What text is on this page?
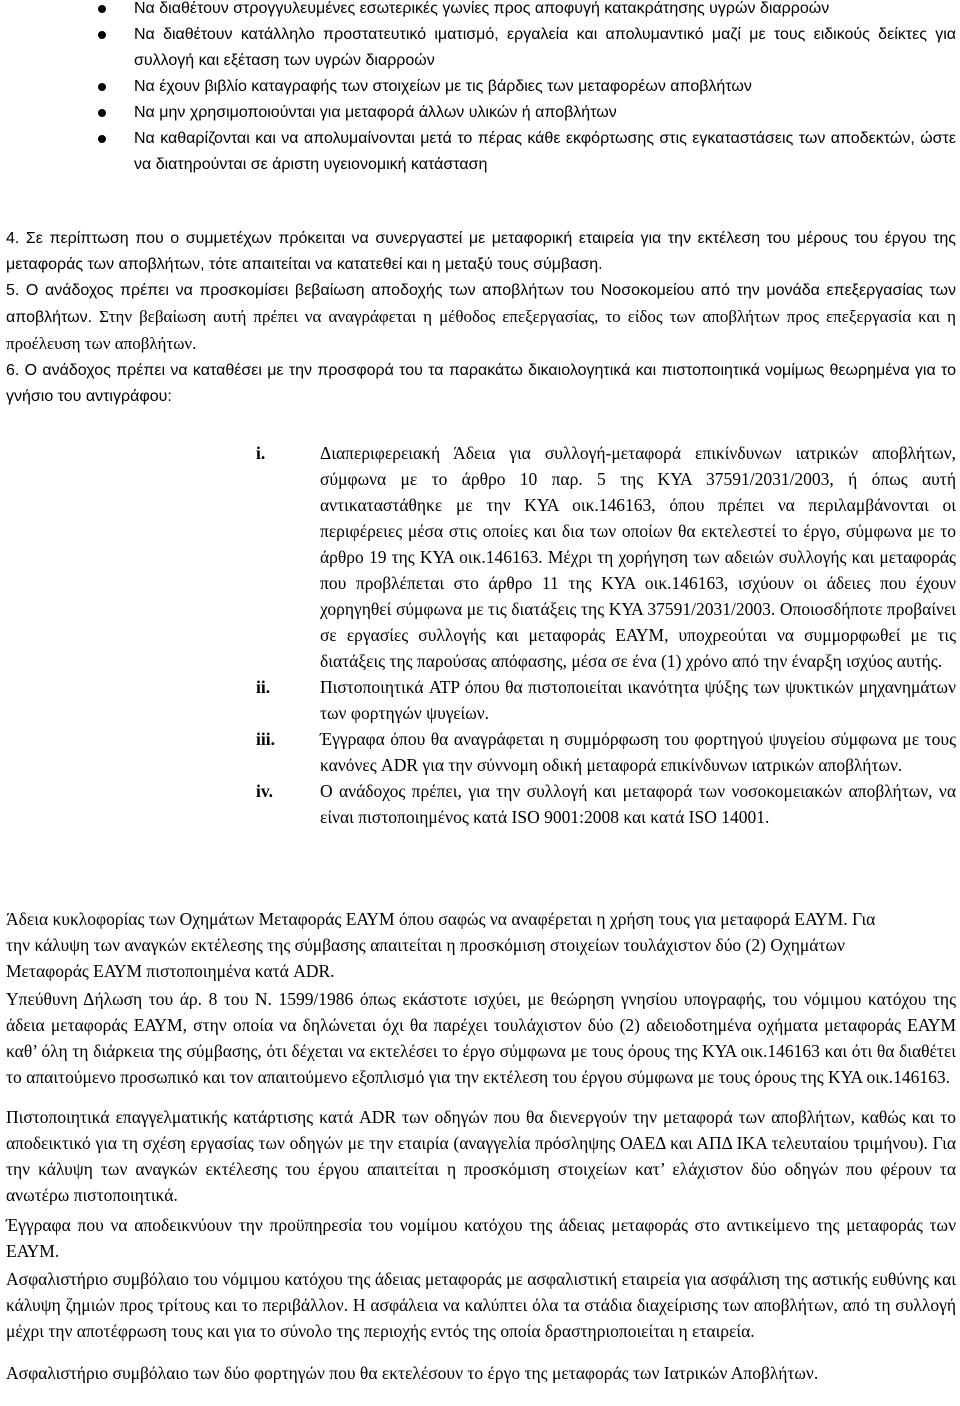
Να διαθέτουν στρογγυλευμένες εσωτερικές γωνίες προς αποφυγή κατακράτησης υγρών διαρροών
Να διαθέτουν κατάλληλο προστατευτικό ιματισμό, εργαλεία και απολυμαντικό μαζί με τους ειδικούς δείκτες για συλλογή και εξέταση των υγρών διαρροών
Να έχουν βιβλίο καταγραφής των στοιχείων με τις βάρδιες των μεταφορέων αποβλήτων
Να μην χρησιμοποιούνται για μεταφορά άλλων υλικών ή αποβλήτων
Να καθαρίζονται και να απολυμαίνονται μετά το πέρας κάθε εκφόρτωσης στις εγκαταστάσεις των αποδεκτών, ώστε να διατηρούνται σε άριστη υγειονομική κατάσταση

4. Σε περίπτωση που ο συμμετέχων πρόκειται να συνεργαστεί με μεταφορική εταιρεία για την εκτέλεση του μέρους του έργου της μεταφοράς των αποβλήτων, τότε απαιτείται να κατατεθεί και η μεταξύ τους σύμβαση.

5. Ο ανάδοχος πρέπει να προσκομίσει βεβαίωση αποδοχής των αποβλήτων του Νοσοκομείου από την μονάδα επεξεργασίας των αποβλήτων. Στην βεβαίωση αυτή πρέπει να αναγράφεται η μέθοδος επεξεργασίας, το είδος των αποβλήτων προς επεξεργασία και η προέλευση των αποβλήτων.

6. Ο ανάδοχος πρέπει να καταθέσει με την προσφορά του τα παρακάτω δικαιολογητικά και πιστοποιητικά νομίμως θεωρημένα για το γνήσιο του αντιγράφου:

i.	Διαπεριφερειακή Άδεια για συλλογή-μεταφορά επικίνδυνων ιατρικών αποβλήτων, σύμφωνα με το άρθρο 10 παρ. 5 της ΚΥΑ 37591/2031/2003, ή όπως αυτή αντικαταστάθηκε με την ΚΥΑ οικ.146163, όπου πρέπει να περιλαμβάνονται οι περιφέρειες μέσα στις οποίες και δια των οποίων θα εκτελεστεί το έργο, σύμφωνα με το άρθρο 19 της ΚΥΑ οικ.146163. Μέχρι τη χορήγηση των αδειών συλλογής και μεταφοράς που προβλέπεται στο άρθρο 11 της ΚΥΑ οικ.146163, ισχύουν οι άδειες που έχουν χορηγηθεί σύμφωνα με τις διατάξεις της ΚΥΑ 37591/2031/2003. Οποιοσδήποτε προβαίνει σε εργασίες συλλογής και μεταφοράς ΕΑΥΜ, υποχρεούται να συμμορφωθεί με τις διατάξεις της παρούσας απόφασης, μέσα σε ένα (1) χρόνο από την έναρξη ισχύος αυτής.
ii.	Πιστοποιητικά ATP όπου θα πιστοποιείται ικανότητα ψύξης των ψυκτικών μηχανημάτων των φορτηγών ψυγείων.
iii.	Έγγραφα όπου θα αναγράφεται η συμμόρφωση του φορτηγού ψυγείου σύμφωνα με τους κανόνες ADR για την σύννομη οδική μεταφορά επικίνδυνων ιατρικών αποβλήτων.
iv.	Ο ανάδοχος πρέπει, για την συλλογή και μεταφορά των νοσοκομειακών αποβλήτων, να είναι πιστοποιημένος κατά ISO 9001:2008 και κατά ISO 14001.

Άδεια κυκλοφορίας των Οχημάτων Μεταφοράς ΕΑΥΜ όπου σαφώς να αναφέρεται η χρήση τους για μεταφορά ΕΑΥΜ. Για την κάλυψη των αναγκών εκτέλεσης της σύμβασης απαιτείται η προσκόμιση στοιχείων τουλάχιστον δύο (2) Οχημάτων Μεταφοράς ΕΑΥΜ πιστοποιημένα κατά ADR.

Υπεύθυνη Δήλωση του άρ. 8 του Ν. 1599/1986 όπως εκάστοτε ισχύει, με θεώρηση γνησίου υπογραφής, του νόμιμου κατόχου της άδεια μεταφοράς ΕΑΥΜ, στην οποία να δηλώνεται όχι θα παρέχει τουλάχιστον δύο (2) αδειοδοτημένα οχήματα μεταφοράς ΕΑΥΜ καθ’ όλη τη διάρκεια της σύμβασης, ότι δέχεται να εκτελέσει το έργο σύμφωνα με τους όρους της ΚΥΑ οικ.146163 και ότι θα διαθέτει το απαιτούμενο προσωπικό και τον απαιτούμενο εξοπλισμό για την εκτέλεση του έργου σύμφωνα με τους όρους της ΚΥΑ οικ.146163.

Πιστοποιητικά επαγγελματικής κατάρτισης κατά ADR των οδηγών που θα διενεργούν την μεταφορά των αποβλήτων, καθώς και το αποδεικτικό για τη σχέση εργασίας των οδηγών με την εταιρία (αναγγελία πρόσληψης ΟΑΕΔ και ΑΠΔ ΙΚΑ τελευταίου τριμήνου). Για την κάλυψη των αναγκών εκτέλεσης του έργου απαιτείται η προσκόμιση στοιχείων κατ’ ελάχιστον δύο οδηγών που φέρουν τα ανωτέρω πιστοποιητικά.

Έγγραφα που να αποδεικνύουν την προϋπηρεσία του νομίμου κατόχου της άδειας μεταφοράς στο αντικείμενο της μεταφοράς των ΕΑΥΜ.

Ασφαλιστήριο συμβόλαιο του νόμιμου κατόχου της άδειας μεταφοράς με ασφαλιστική εταιρεία για ασφάλιση της αστικής ευθύνης και κάλυψη ζημιών προς τρίτους και το περιβάλλον. Η ασφάλεια να καλύπτει όλα τα στάδια διαχείρισης των αποβλήτων, από τη συλλογή μέχρι την αποτέφρωση τους και για το σύνολο της περιοχής εντός της οποία δραστηριοποιείται η εταιρεία.

Ασφαλιστήριο συμβόλαιο των δύο φορτηγών που θα εκτελέσουν το έργο της μεταφοράς των Ιατρικών Αποβλήτων.
